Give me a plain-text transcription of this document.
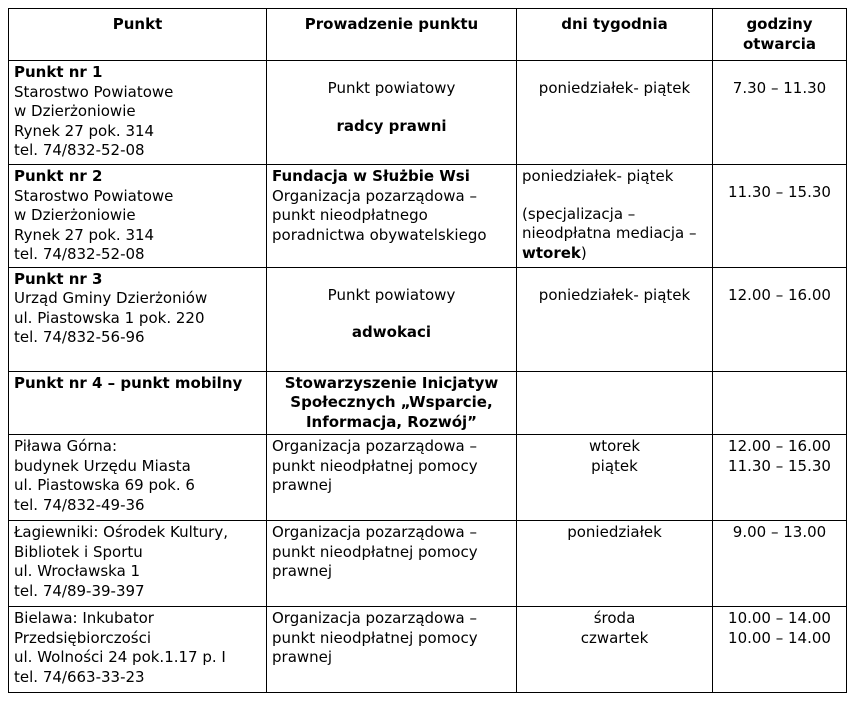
Punkt	Prowadzenie punktu	dni tygodnia	godziny otwarcia

Punkt nr 1
Starostwo Powiatowe
w Dzierżoniowie
Rynek 27 pok. 314
tel. 74/832-52-08	Punkt powiatowy
radcy prawni	poniedziałek- piątek	7.30 – 11.30

Punkt nr 2
Starostwo Powiatowe
w Dzierżoniowie
Rynek 27 pok. 314
tel. 74/832-52-08	Fundacja w Służbie Wsi
Organizacja pozarządowa –
punkt nieodpłatnego
poradnictwa obywatelskiego	poniedziałek- piątek
(specjalizacja –
nieodpłatna mediacja –
wtorek)	11.30 – 15.30

Punkt nr 3
Urząd Gminy Dzierżoniów
ul. Piastowska 1 pok. 220
tel. 74/832-56-96	Punkt powiatowy
adwokaci	poniedziałek- piątek	12.00 – 16.00

Punkt nr 4 – punkt mobilny	Stowarzyszenie Inicjatyw Społecznych „Wsparcie, Informacja, Rozwój”		

Piława Górna:
budynek Urzędu Miasta
ul. Piastowska 69 pok. 6
tel. 74/832-49-36	Organizacja pozarządowa –
punkt nieodpłatnej pomocy
prawnej	wtorek
piątek	12.00 – 16.00
11.30 – 15.30

Łagiewniki: Ośrodek Kultury,
Bibliotek i Sportu
ul. Wrocławska 1
tel. 74/89-39-397	Organizacja pozarządowa –
punkt nieodpłatnej pomocy
prawnej	poniedziałek	9.00 – 13.00

Bielawa: Inkubator
Przedsiębiorczości
ul. Wolności 24 pok.1.17 p. I
tel. 74/663-33-23	Organizacja pozarządowa –
punkt nieodpłatnej pomocy
prawnej	środa
czwartek	10.00 – 14.00
10.00 – 14.00
